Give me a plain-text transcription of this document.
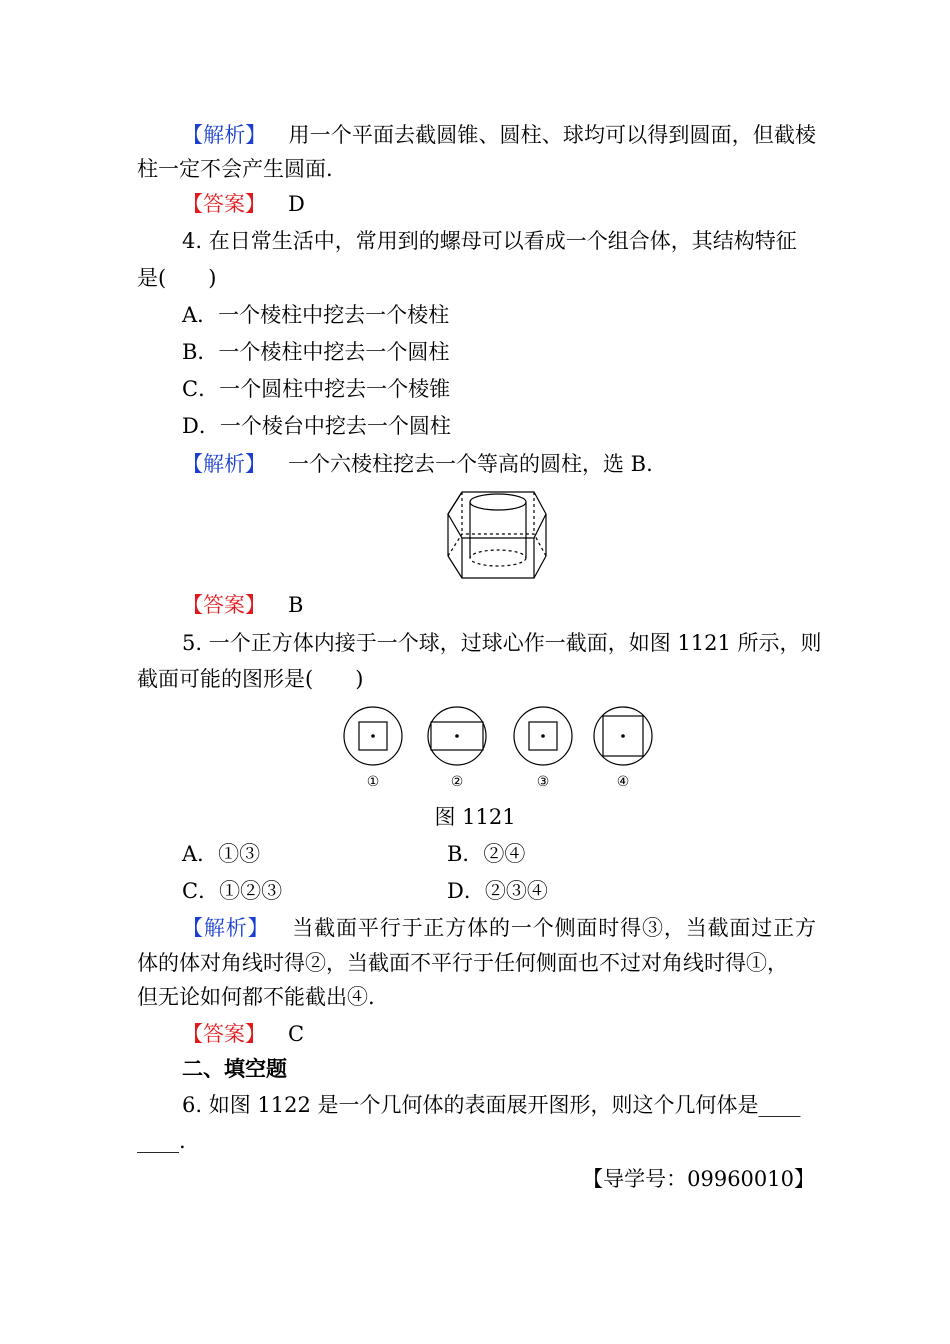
【解析】 用一个平面去截圆锥、圆柱、球均可以得到圆面，但截棱
柱一定不会产生圆面.
【答案】 D
4. 在日常生活中，常用到的螺母可以看成一个组合体，其结构特征
是(　　)
A．一个棱柱中挖去一个棱柱
B．一个棱柱中挖去一个圆柱
C．一个圆柱中挖去一个棱锥
D．一个棱台中挖去一个圆柱
【解析】 一个六棱柱挖去一个等高的圆柱，选 B.
【答案】 B
5. 一个正方体内接于一个球，过球心作一截面，如图 1121 所示，则
截面可能的图形是(　　)
①	②	③	④
图 1121
A．①③	B．②④
C．①②③	D．②③④
【解析】 当截面平行于正方体的一个侧面时得③，当截面过正方
体的体对角线时得②，当截面不平行于任何侧面也不过对角线时得①，
但无论如何都不能截出④.
【答案】 C
二、填空题
6. 如图 1122 是一个几何体的表面展开图形，则这个几何体是____
____.
【导学号：09960010】
